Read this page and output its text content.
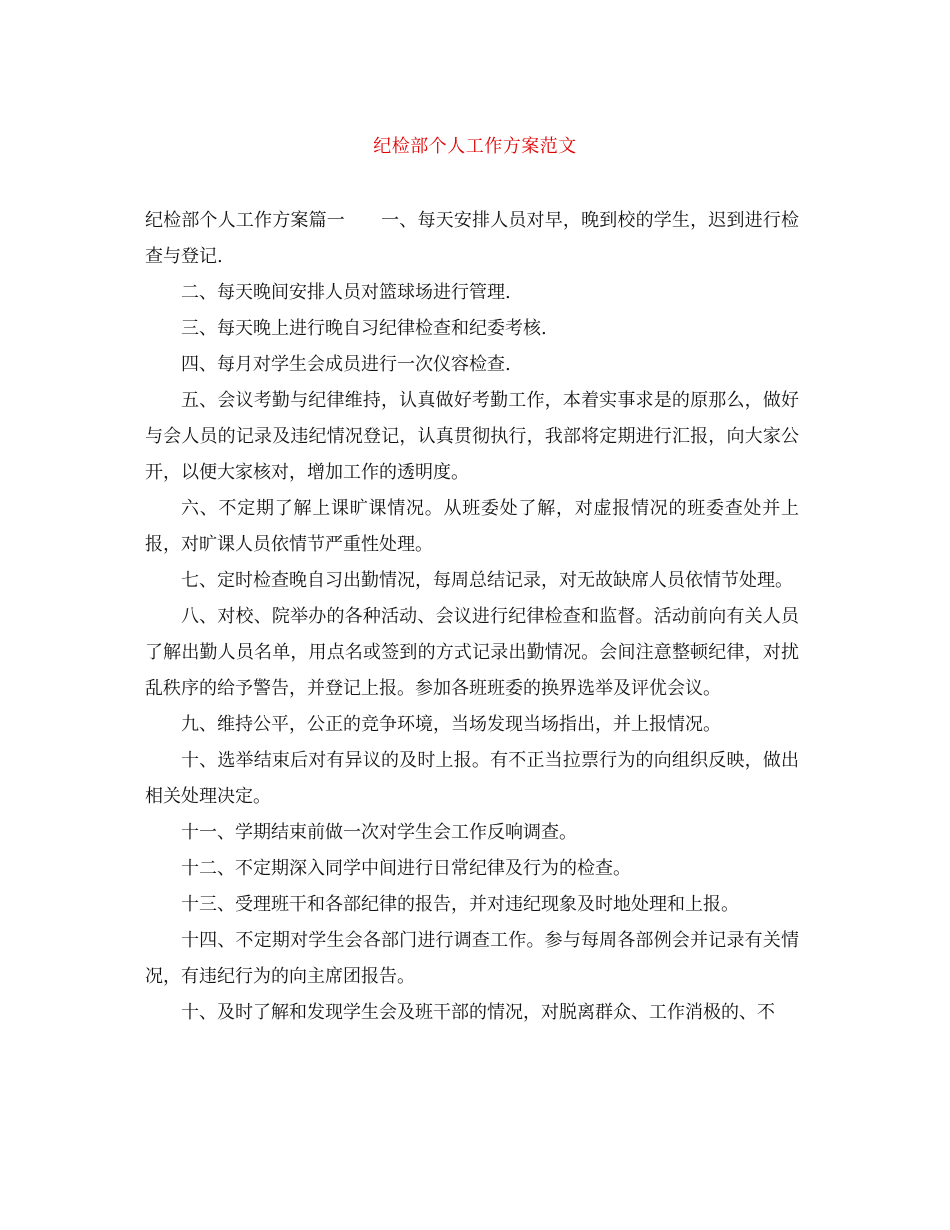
纪检部个人工作方案范文

纪检部个人工作方案篇一 一、每天安排人员对早，晚到校的学生，迟到进行检查与登记.

二、每天晚间安排人员对篮球场进行管理.

三、每天晚上进行晚自习纪律检查和纪委考核.

四、每月对学生会成员进行一次仪容检查.

五、会议考勤与纪律维持，认真做好考勤工作，本着实事求是的原那么，做好与会人员的记录及违纪情况登记，认真贯彻执行，我部将定期进行汇报，向大家公开，以便大家核对，增加工作的透明度。

六、不定期了解上课旷课情况。从班委处了解，对虚报情况的班委查处并上报，对旷课人员依情节严重性处理。

七、定时检查晚自习出勤情况，每周总结记录，对无故缺席人员依情节处理。

八、对校、院举办的各种活动、会议进行纪律检查和监督。活动前向有关人员了解出勤人员名单，用点名或签到的方式记录出勤情况。会间注意整顿纪律，对扰乱秩序的给予警告，并登记上报。参加各班班委的换界选举及评优会议。

九、维持公平，公正的竞争环境，当场发现当场指出，并上报情况。

十、选举结束后对有异议的及时上报。有不正当拉票行为的向组织反映，做出相关处理决定。

十一、学期结束前做一次对学生会工作反响调查。

十二、不定期深入同学中间进行日常纪律及行为的检查。

十三、受理班干和各部纪律的报告，并对违纪现象及时地处理和上报。

十四、不定期对学生会各部门进行调查工作。参与每周各部例会并记录有关情况，有违纪行为的向主席团报告。

十、及时了解和发现学生会及班干部的情况，对脱离群众、工作消极的、不
